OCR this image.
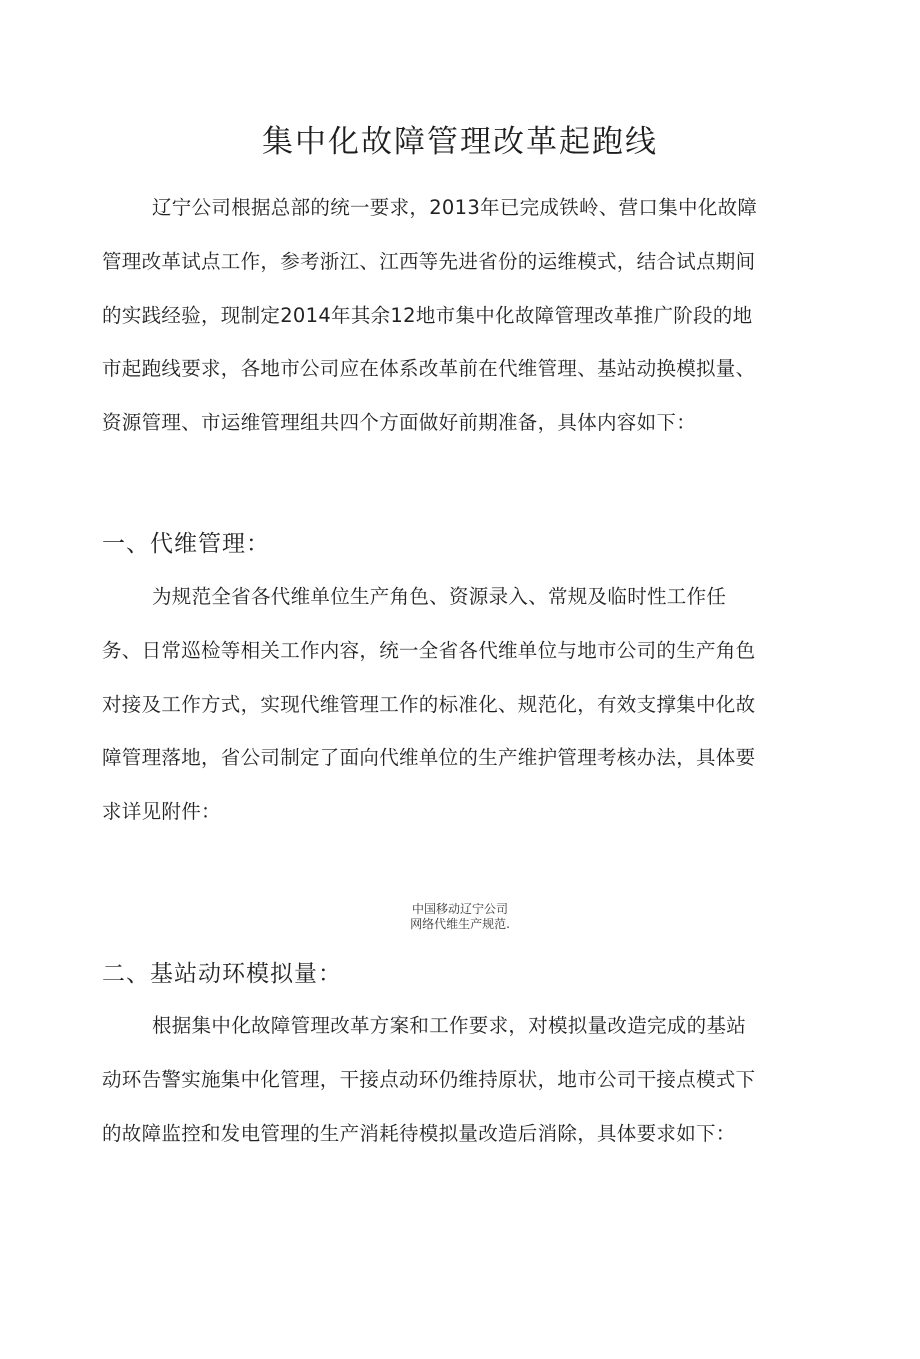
集中化故障管理改革起跑线

辽宁公司根据总部的统一要求，2013年已完成铁岭、营口集中化故障管理改革试点工作，参考浙江、江西等先进省份的运维模式，结合试点期间的实践经验，现制定2014年其余12地市集中化故障管理改革推广阶段的地市起跑线要求，各地市公司应在体系改革前在代维管理、基站动换模拟量、资源管理、市运维管理组共四个方面做好前期准备，具体内容如下：

一、代维管理：

为规范全省各代维单位生产角色、资源录入、常规及临时性工作任务、日常巡检等相关工作内容，统一全省各代维单位与地市公司的生产角色对接及工作方式，实现代维管理工作的标准化、规范化，有效支撑集中化故障管理落地，省公司制定了面向代维单位的生产维护管理考核办法，具体要求详见附件：

中国移动辽宁公司
网络代维生产规范.
二、基站动环模拟量：

根据集中化故障管理改革方案和工作要求，对模拟量改造完成的基站动环告警实施集中化管理，干接点动环仍维持原状，地市公司干接点模式下的故障监控和发电管理的生产消耗待模拟量改造后消除，具体要求如下：
